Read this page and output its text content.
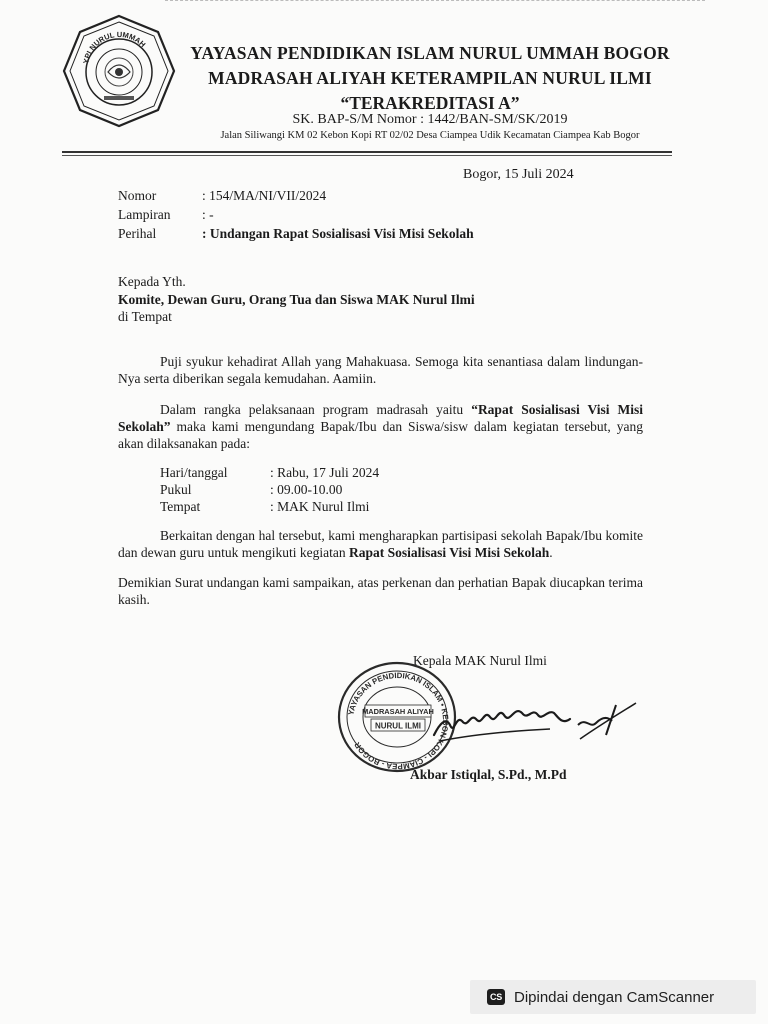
YPI NURUL UMMAH	YAYASAN PENDIDIKAN ISLAM NURUL UMMAH BOGOR
MADRASAH ALIYAH KETERAMPILAN NURUL ILMI
“TERAKREDITASI A”
SK. BAP-S/M Nomor : 1442/BAN-SM/SK/2019
Jalan Siliwangi KM 02 Kebon Kopi RT 02/02 Desa Ciampea Udik Kecamatan Ciampea Kab Bogor
Bogor, 15 Juli 2024
Nomor	: 154/MA/NI/VII/2024
Lampiran : -
Perihal	: Undangan Rapat Sosialisasi Visi Misi Sekolah
Kepada Yth.
Komite, Dewan Guru, Orang Tua dan Siswa MAK Nurul Ilmi
di Tempat
Puji syukur kehadirat Allah yang Mahakuasa. Semoga kita senantiasa dalam lindungan-Nya serta diberikan segala kemudahan. Aamiin.
Dalam rangka pelaksanaan program madrasah yaitu “Rapat Sosialisasi Visi Misi Sekolah” maka kami mengundang Bapak/Ibu dan Siswa/sisw dalam kegiatan tersebut, yang akan dilaksanakan pada:
Hari/tanggal	: Rabu, 17 Juli 2024
Pukul	: 09.00-10.00
Tempat	: MAK Nurul Ilmi
Berkaitan dengan hal tersebut, kami mengharapkan partisipasi sekolah Bapak/Ibu komite dan dewan guru untuk mengikuti kegiatan Rapat Sosialisasi Visi Misi Sekolah.
Demikian Surat undangan kami sampaikan, atas perkenan dan perhatian Bapak diucapkan terima kasih.
Kepala MAK Nurul Ilmi
YAYASAN PENDIDIKAN ISLAM • KEBON KOPI - CIAMPEA - BOGOR
MADRASAH ALIYAH
NURUL ILMI
Akbar Istiqlal, S.Pd., M.Pd
CS Dipindai dengan CamScanner
